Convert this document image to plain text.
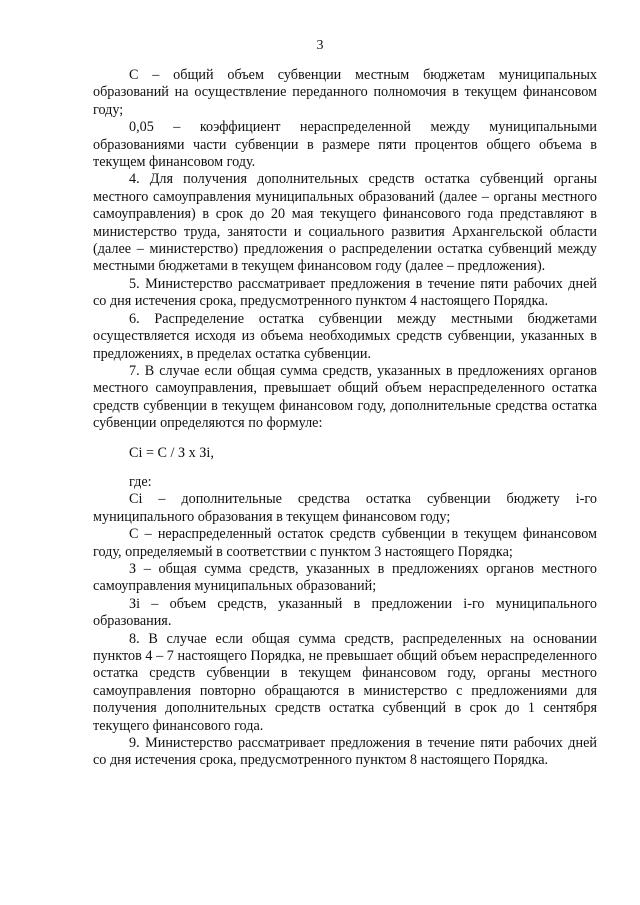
3

С – общий объем субвенции местным бюджетам муниципальных образований на осуществление переданного полномочия в текущем финансовом году;

0,05 – коэффициент нераспределенной между муниципальными образованиями части субвенции в размере пяти процентов общего объема в текущем финансовом году.

4. Для получения дополнительных средств остатка субвенций органы местного самоуправления муниципальных образований (далее – органы местного самоуправления) в срок до 20 мая текущего финансового года представляют в министерство труда, занятости и социального развития Архангельской области (далее – министерство) предложения о распределении остатка субвенций между местными бюджетами в текущем финансовом году (далее – предложения).

5. Министерство рассматривает предложения в течение пяти рабочих дней со дня истечения срока, предусмотренного пунктом 4 настоящего Порядка.

6. Распределение остатка субвенции между местными бюджетами осуществляется исходя из объема необходимых средств субвенции, указанных в предложениях, в пределах остатка субвенции.

7. В случае если общая сумма средств, указанных в предложениях органов местного самоуправления, превышает общий объем нераспределенного остатка средств субвенции в текущем финансовом году, дополнительные средства остатка субвенции определяются по формуле:

Сi = С / З x Зi,

где:

Сi – дополнительные средства остатка субвенции бюджету i-го муниципального образования в текущем финансовом году;

С – нераспределенный остаток средств субвенции в текущем финансовом году, определяемый в соответствии с пунктом 3 настоящего Порядка;

З – общая сумма средств, указанных в предложениях органов местного самоуправления муниципальных образований;

Зi – объем средств, указанный в предложении i-го муниципального образования.

8. В случае если общая сумма средств, распределенных на основании пунктов 4 – 7 настоящего Порядка, не превышает общий объем нераспределенного остатка средств субвенции в текущем финансовом году, органы местного самоуправления повторно обращаются в министерство с предложениями для получения дополнительных средств остатка субвенций в срок до 1 сентября текущего финансового года.

9. Министерство рассматривает предложения в течение пяти рабочих дней со дня истечения срока, предусмотренного пунктом 8 настоящего Порядка.
